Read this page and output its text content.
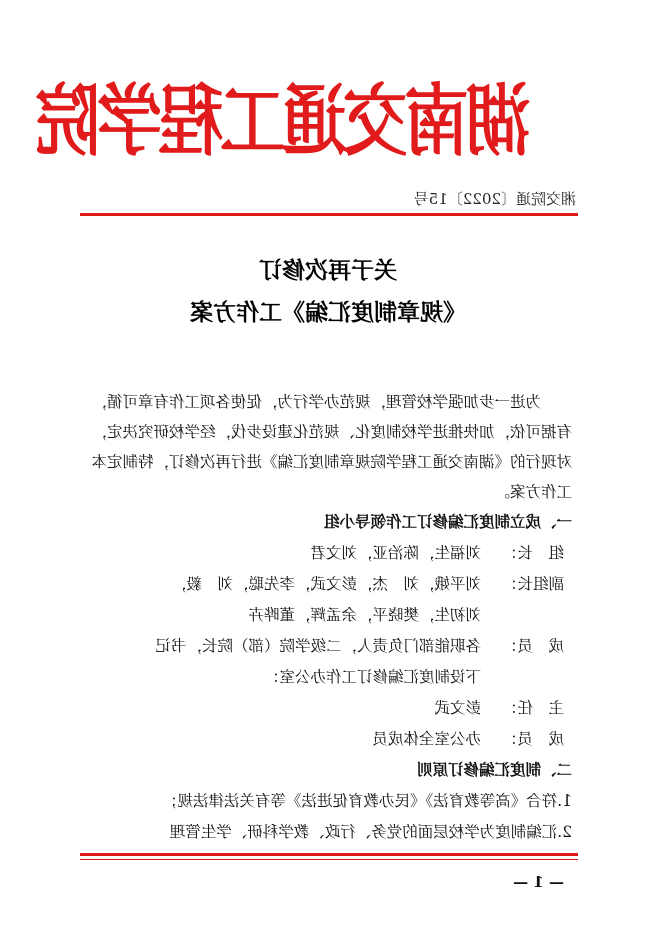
湖南交通工程学院
湘交院通〔2022〕15号
关于再次修订
《规章制度汇编》工作方案
为进一步加强学校管理，规范办学行为，促使各项工作有章可循，有据可依，加快推进学校制度化、规范化建设步伐，经学校研究决定，对现行的《湖南交通工程学院规章制度汇编》进行再次修订，特制定本工作方案。
一、成立制度汇编修订工作领导小组
组　长：
刘福生，陈治亚，刘文君
副组长：
刘平娥，刘　杰，彭文武，李先聪，刘　毅，
刘初生，樊晓平，余孟辉，董晔卉
成　员：
各职能部门负责人，二级学院（部）院长，书记
下设制度汇编修订工作办公室：
主　任：
彭文武
成　员：
办公室全体成员
二、制度汇编修订原则
1.符合《高等教育法》《民办教育促进法》等有关法律法规；
2.汇编制度为学校层面的党务、行政、教学科研、学生管理
— 1 —
